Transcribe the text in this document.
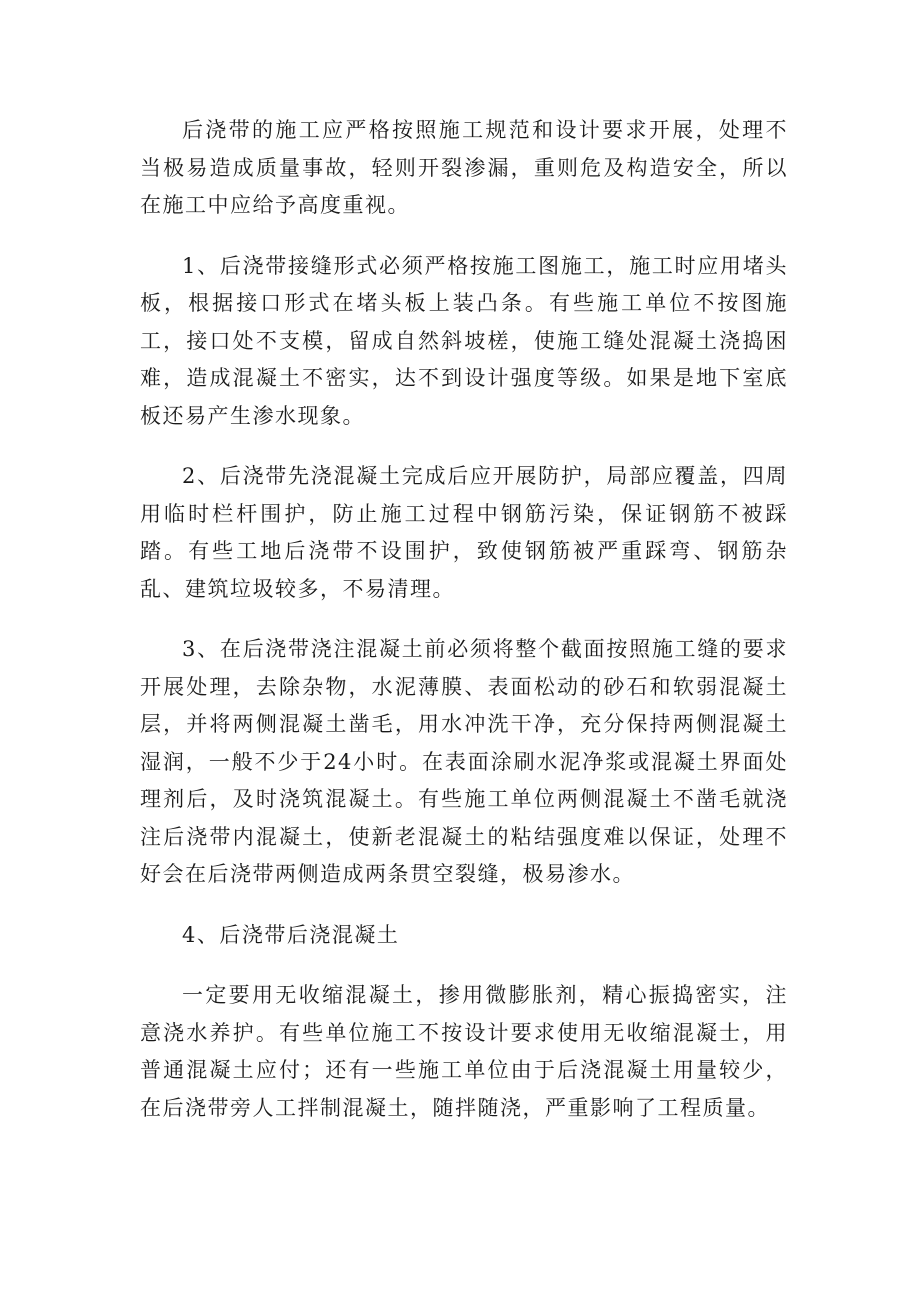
后浇带的施工应严格按照施工规范和设计要求开展，处理不当极易造成质量事故，轻则开裂渗漏，重则危及构造安全，所以在施工中应给予高度重视。

1、后浇带接缝形式必须严格按施工图施工，施工时应用堵头板，根据接口形式在堵头板上装凸条。有些施工单位不按图施工，接口处不支模，留成自然斜坡槎，使施工缝处混凝土浇捣困难，造成混凝土不密实，达不到设计强度等级。如果是地下室底板还易产生渗水现象。

2、后浇带先浇混凝土完成后应开展防护，局部应覆盖，四周用临时栏杆围护，防止施工过程中钢筋污染，保证钢筋不被踩踏。有些工地后浇带不设围护，致使钢筋被严重踩弯、钢筋杂乱、建筑垃圾较多，不易清理。

3、在后浇带浇注混凝土前必须将整个截面按照施工缝的要求开展处理，去除杂物，水泥薄膜、表面松动的砂石和软弱混凝土层，并将两侧混凝土凿毛，用水冲洗干净，充分保持两侧混凝土湿润，一般不少于24小时。在表面涂刷水泥净浆或混凝土界面处理剂后，及时浇筑混凝土。有些施工单位两侧混凝土不凿毛就浇注后浇带内混凝土，使新老混凝土的粘结强度难以保证，处理不好会在后浇带两侧造成两条贯空裂缝，极易渗水。

4、后浇带后浇混凝土

一定要用无收缩混凝土，掺用微膨胀剂，精心振捣密实，注意浇水养护。有些单位施工不按设计要求使用无收缩混凝士，用普通混凝土应付；还有一些施工单位由于后浇混凝土用量较少，在后浇带旁人工拌制混凝土，随拌随浇，严重影响了工程质量。
